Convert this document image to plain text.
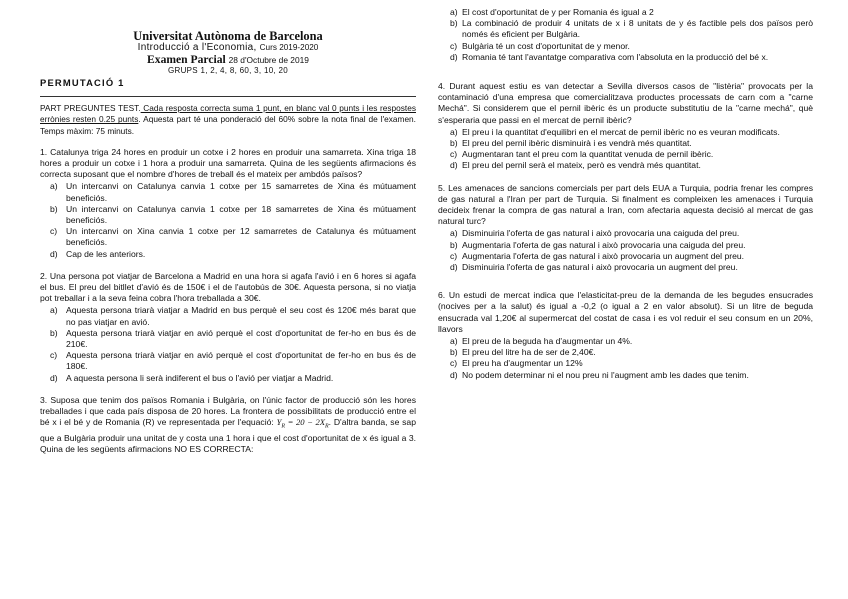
Universitat Autònoma de Barcelona
Introducció a l'Economia, Curs 2019-2020
Examen Parcial 28 d'Octubre de 2019
GRUPS 1, 2, 4, 8, 60, 3, 10, 20
PERMUTACIÓ 1

PART PREGUNTES TEST. Cada resposta correcta suma 1 punt, en blanc val 0 punts i les respostes errònies resten 0.25 punts. Aquesta part té una ponderació del 60% sobre la nota final de l'examen. Temps màxim: 75 minuts.

1. Catalunya triga 24 hores en produir un cotxe i 2 hores en produir una samarreta. Xina triga 18 hores a produir un cotxe i 1 hora a produir una samarreta. Quina de les següents afirmacions és correcta suposant que el nombre d'hores de treball és el mateix per ambdós països?

a) Un intercanvi on Catalunya canvia 1 cotxe per 15 samarretes de Xina és mútuament beneficiós.
b) Un intercanvi on Catalunya canvia 1 cotxe per 18 samarretes de Xina és mútuament beneficiós.
c)	Un intercanvi on Xina canvia 1 cotxe per 12 samarretes de Catalunya és mútuament beneficiós.
d) Cap de les anteriors.

2. Una persona pot viatjar de Barcelona a Madrid en una hora si agafa l'avió i en 6 hores si agafa el bus. El preu del bitllet d'avió és de 150€ i el de l'autobús de 30€. Aquesta persona, si no viatja pot treballar i a la seva feina cobra l'hora treballada a 30€.

a) Aquesta persona triarà viatjar a Madrid en bus perquè el seu cost és 120€ més barat que no pas viatjar en avió.
b) Aquesta persona triarà viatjar en avió perquè el cost d'oportunitat de fer-ho en bus és de 210€.
c)	Aquesta persona triarà viatjar en avió perquè el cost d'oportunitat de fer-ho en bus és de 180€.
d) A aquesta persona li serà indiferent el bus o l'avió per viatjar a Madrid.

3. Suposa que tenim dos països Romania i Bulgària, on l'únic factor de producció són les hores treballades i que cada país disposa de 20 hores. La frontera de possibilitats de producció entre el bé x i el bé y de Romania (R) ve representada per l'equació: $Y_R = 20 - 2X_R$. D'altra banda, se sap que a Bulgària produir una unitat de y costa una 1 hora i que el cost d'oportunitat de x és igual a 3. Quina de les següents afirmacions NO ES CORRECTA:

a) El cost d'oportunitat de y per Romania és igual a 2
b) La combinació de produir 4 unitats de x i 8 unitats de y és factible pels dos països però només és eficient per Bulgària.
c) Bulgària té un cost d'oportunitat de y menor.
d) Romania té tant l'avantatge comparativa com l'absoluta en la producció del bé x.

4. Durant aquest estiu es van detectar a Sevilla diversos casos de "listèria" provocats per la contaminació d'una empresa que comercialitzava productes processats de carn com a "carne Mechá". Si considerem que el pernil ibèric és un producte substitutiu de la "carne mechá", què s'esperaria que passi en el mercat de pernil ibèric?

a) El preu i la quantitat d'equilibri en el mercat de pernil ibèric no es veuran modificats.
b) El preu del pernil ibèric disminuirà i es vendrà més quantitat.
c) Augmentaran tant el preu com la quantitat venuda de pernil ibèric.
d) El preu del pernil serà el mateix, però es vendrà més quantitat.

5. Les amenaces de sancions comercials per part dels EUA a Turquia, podria frenar les compres de gas natural a l'Iran per part de Turquia. Si finalment es compleixen les amenaces i Turquia decideix frenar la compra de gas natural a Iran, com afectaria aquesta decisió al mercat de gas natural turc?

a) Disminuiria l'oferta de gas natural i això provocaria una caiguda del preu.
b) Augmentaria l'oferta de gas natural i això provocaria una caiguda del preu.
c) Augmentaria l'oferta de gas natural i això provocaria un augment del preu.
d) Disminuiria l'oferta de gas natural i això provocaria un augment del preu.

6. Un estudi de mercat indica que l'elasticitat-preu de la demanda de les begudes ensucrades (nocives per a la salut) és igual a -0,2 (o igual a 2 en valor absolut). Si un litre de beguda ensucrada val 1,20€ al supermercat del costat de casa i es vol reduir el seu consum en un 20%, llavors

a) El preu de la beguda ha d'augmentar un 4%.
b) El preu del litre ha de ser de 2,40€.
c) El preu ha d'augmentar un 12%
d) No podem determinar ni el nou preu ni l'augment amb les dades que tenim.
